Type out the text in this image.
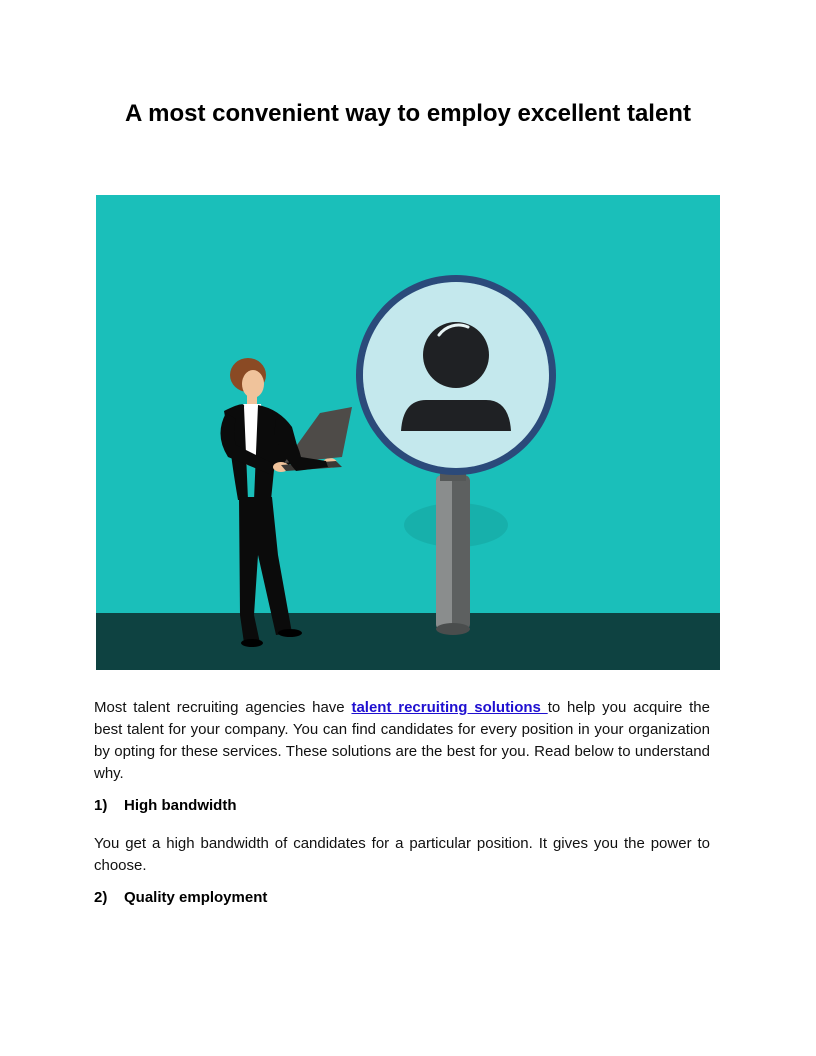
A most convenient way to employ excellent talent

Most talent recruiting agencies have talent recruiting solutions to help you acquire the best talent for your company. You can find candidates for every position in your organization by opting for these services. These solutions are the best for you. Read below to understand why.

1)	High bandwidth

You get a high bandwidth of candidates for a particular position. It gives you the power to choose.

2)	Quality employment
